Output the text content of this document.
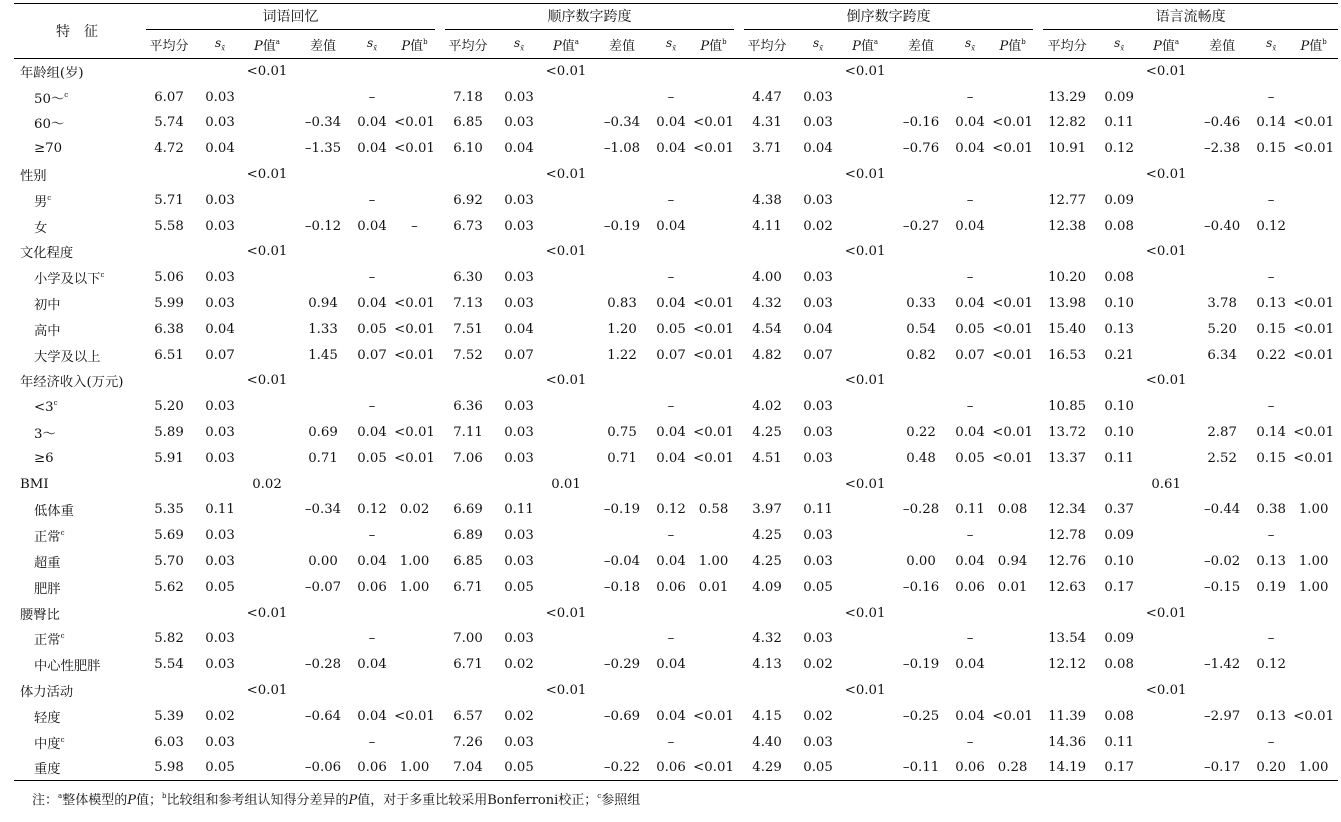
特　征	词语回忆						顺序数字跨度						倒序数字跨度						语言流畅度					

	平均分	$s_{x̄}$	P值$^a$	差值	$s_{x̄}$	P值$^b$	平均分	$s_{x̄}$	P值$^a$	差值	$s_{x̄}$	P值$^b$	平均分	$s_{x̄}$	P值$^a$	差值	$s_{x̄}$	P值$^b$	平均分	$s_{x̄}$	P值$^a$	差值	$s_{x̄}$	P值$^b$
年龄组(岁)			<0.01						<0.01						<0.01						<0.01			
50～$^c$	6.07	0.03			–		7.18	0.03			–		4.47	0.03			–		13.29	0.09			–	
60～	5.74	0.03		–0.34	0.04	<0.01	6.85	0.03		–0.34	0.04	<0.01	4.31	0.03		–0.16	0.04	<0.01	12.82	0.11		–0.46	0.14	<0.01
≥70	4.72	0.04		–1.35	0.04	<0.01	6.10	0.04		–1.08	0.04	<0.01	3.71	0.04		–0.76	0.04	<0.01	10.91	0.12		–2.38	0.15	<0.01
性别			<0.01						<0.01						<0.01						<0.01			
男$^c$	5.71	0.03			–		6.92	0.03			–		4.38	0.03			–		12.77	0.09			–	
女	5.58	0.03		–0.12	0.04	–	6.73	0.03		–0.19	0.04		4.11	0.02		–0.27	0.04		12.38	0.08		–0.40	0.12	
文化程度			<0.01						<0.01						<0.01						<0.01			
小学及以下$^c$	5.06	0.03			–		6.30	0.03			–		4.00	0.03			–		10.20	0.08			–	
初中	5.99	0.03		0.94	0.04	<0.01	7.13	0.03		0.83	0.04	<0.01	4.32	0.03		0.33	0.04	<0.01	13.98	0.10		3.78	0.13	<0.01
高中	6.38	0.04		1.33	0.05	<0.01	7.51	0.04		1.20	0.05	<0.01	4.54	0.04		0.54	0.05	<0.01	15.40	0.13		5.20	0.15	<0.01
大学及以上	6.51	0.07		1.45	0.07	<0.01	7.52	0.07		1.22	0.07	<0.01	4.82	0.07		0.82	0.07	<0.01	16.53	0.21		6.34	0.22	<0.01
年经济收入(万元)			<0.01						<0.01						<0.01						<0.01			
$<3^c$	5.20	0.03			–		6.36	0.03			–		4.02	0.03			–		10.85	0.10			–	
3～	5.89	0.03		0.69	0.04	<0.01	7.11	0.03		0.75	0.04	<0.01	4.25	0.03		0.22	0.04	<0.01	13.72	0.10		2.87	0.14	<0.01
≥6	5.91	0.03		0.71	0.05	<0.01	7.06	0.03		0.71	0.04	<0.01	4.51	0.03		0.48	0.05	<0.01	13.37	0.11		2.52	0.15	<0.01
BMI			0.02						0.01						<0.01						0.61			
低体重	5.35	0.11		–0.34	0.12	0.02	6.69	0.11		–0.19	0.12	0.58	3.97	0.11		–0.28	0.11	0.08	12.34	0.37		–0.44	0.38	1.00
正常$^c$	5.69	0.03			–		6.89	0.03			–		4.25	0.03			–		12.78	0.09			–	
超重	5.70	0.03		0.00	0.04	1.00	6.85	0.03		–0.04	0.04	1.00	4.25	0.03		0.00	0.04	0.94	12.76	0.10		–0.02	0.13	1.00
肥胖	5.62	0.05		–0.07	0.06	1.00	6.71	0.05		–0.18	0.06	0.01	4.09	0.05		–0.16	0.06	0.01	12.63	0.17		–0.15	0.19	1.00
腰臀比			<0.01						<0.01						<0.01						<0.01			
正常$^c$	5.82	0.03			–		7.00	0.03			–		4.32	0.03			–		13.54	0.09			–	
中心性肥胖	5.54	0.03		–0.28	0.04		6.71	0.02		–0.29	0.04		4.13	0.02		–0.19	0.04		12.12	0.08		–1.42	0.12	
体力活动			<0.01						<0.01						<0.01						<0.01			
轻度	5.39	0.02		–0.64	0.04	<0.01	6.57	0.02		–0.69	0.04	<0.01	4.15	0.02		–0.25	0.04	<0.01	11.39	0.08		–2.97	0.13	<0.01
中度$^c$	6.03	0.03			–		7.26	0.03			–		4.40	0.03			–		14.36	0.11			–	
重度	5.98	0.05		–0.06	0.06	1.00	7.04	0.05		–0.22	0.06	<0.01	4.29	0.05		–0.11	0.06	0.28	14.19	0.17		–0.17	0.20	1.00
注：$^a$整体模型的P值；$^b$比较组和参考组认知得分差异的P值，对于多重比较采用Bonferroni校正；$^c$参照组
